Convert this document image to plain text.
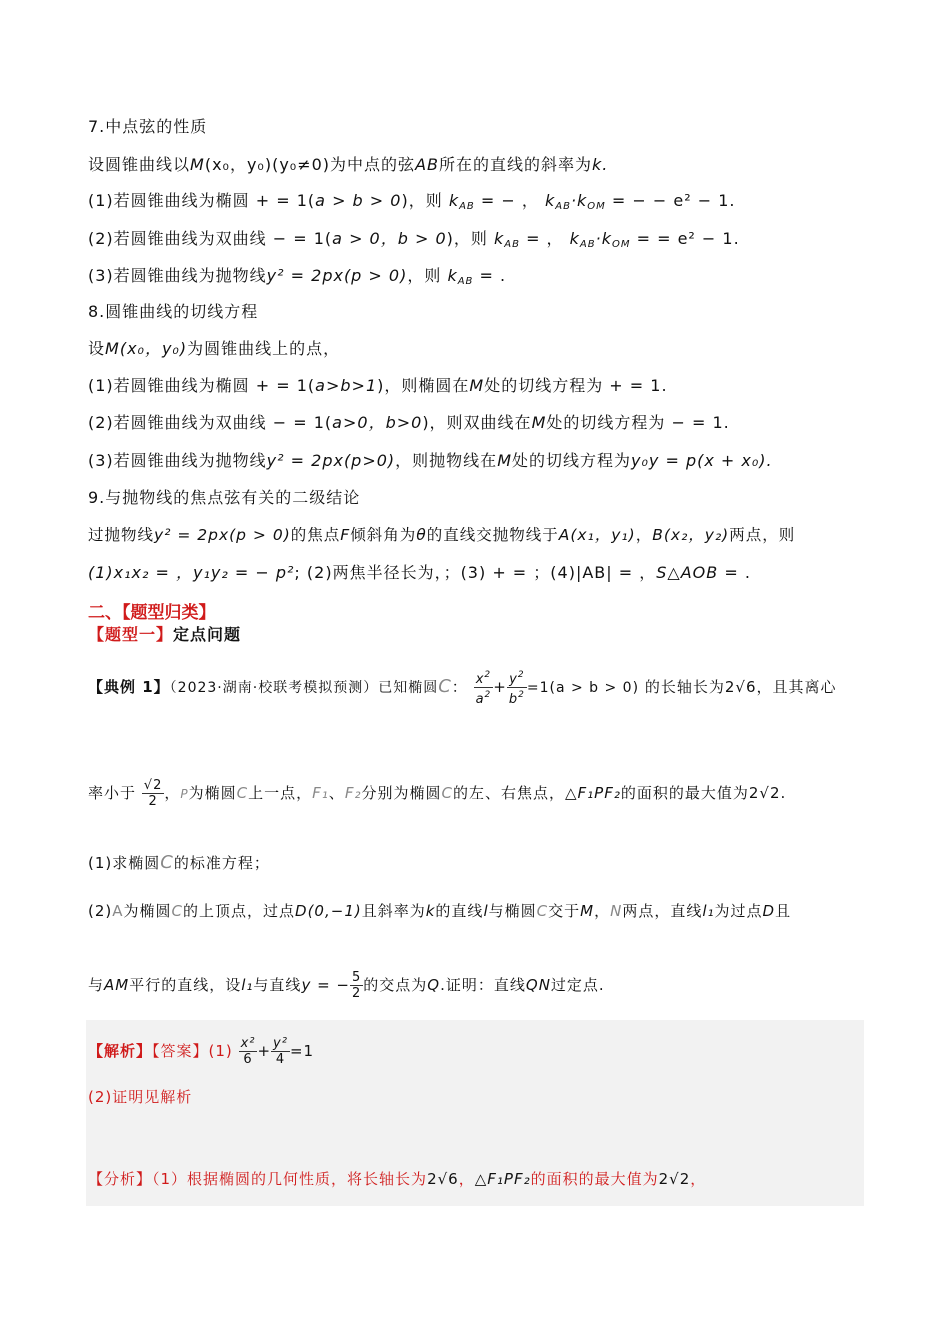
7.中点弦的性质
设圆锥曲线以M(x₀，y₀)(y₀≠0)为中点的弦AB所在的直线的斜率为k.
(1)若圆锥曲线为椭圆 + = 1(a > b > 0)，则 $k_{AB}$ = − ， $k_{AB}\cdot k_{OM}$ = − − e² − 1.
(2)若圆锥曲线为双曲线 − = 1(a > 0，b > 0)，则 $k_{AB}$ = ， $k_{AB}\cdot k_{OM}$ = = e² − 1.
(3)若圆锥曲线为抛物线y² = 2px(p > 0)，则 $k_{AB}$ = .
8.圆锥曲线的切线方程
设M(x₀，y₀)为圆锥曲线上的点，
(1)若圆锥曲线为椭圆 + = 1(a>b>1)，则椭圆在M处的切线方程为 + = 1.
(2)若圆锥曲线为双曲线 − = 1(a>0，b>0)，则双曲线在M处的切线方程为 − = 1.
(3)若圆锥曲线为抛物线y² = 2px(p>0)，则抛物线在M处的切线方程为y₀y = p(x + x₀).
9.与抛物线的焦点弦有关的二级结论
过抛物线y² = 2px(p > 0)的焦点F倾斜角为θ的直线交抛物线于A(x₁，y₁)，B(x₂，y₂)两点，则
(1)x₁x₂ = ，y₁y₂ = − p²; (2)两焦半径长为，；(3) + = ；(4)|AB| = ，S△AOB = .
二、【题型归类】
【题型一】定点问题
【典例 1】（2023·湖南·校联考模拟预测）已知椭圆C： $\frac{x^2}{a^2} + \frac{y^2}{b^2} =1(a > b > 0)$ 的长轴长为2√6，且其离心
率小于 $\frac{√2}{2}$ ，P为椭圆C上一点，F₁、F₂分别为椭圆C的左、右焦点，△F₁PF₂的面积的最大值为2√2.
(1)求椭圆C的标准方程；
(2)A为椭圆C的上顶点，过点D(0,−1)且斜率为k的直线l与椭圆C交于M，N两点，直线l₁为过点D且
与AM平行的直线，设l₁与直线y = − $\frac{5}{2}$ 的交点为Q.证明：直线QN过定点.
【解析】【答案】$(1) \frac{\text{x²}}{6} + \frac{\text{y²}}{4} =1$
(2)证明见解析
【分析】（1）根据椭圆的几何性质，将长轴长为2√6，△F₁PF₂的面积的最大值为2√2，
